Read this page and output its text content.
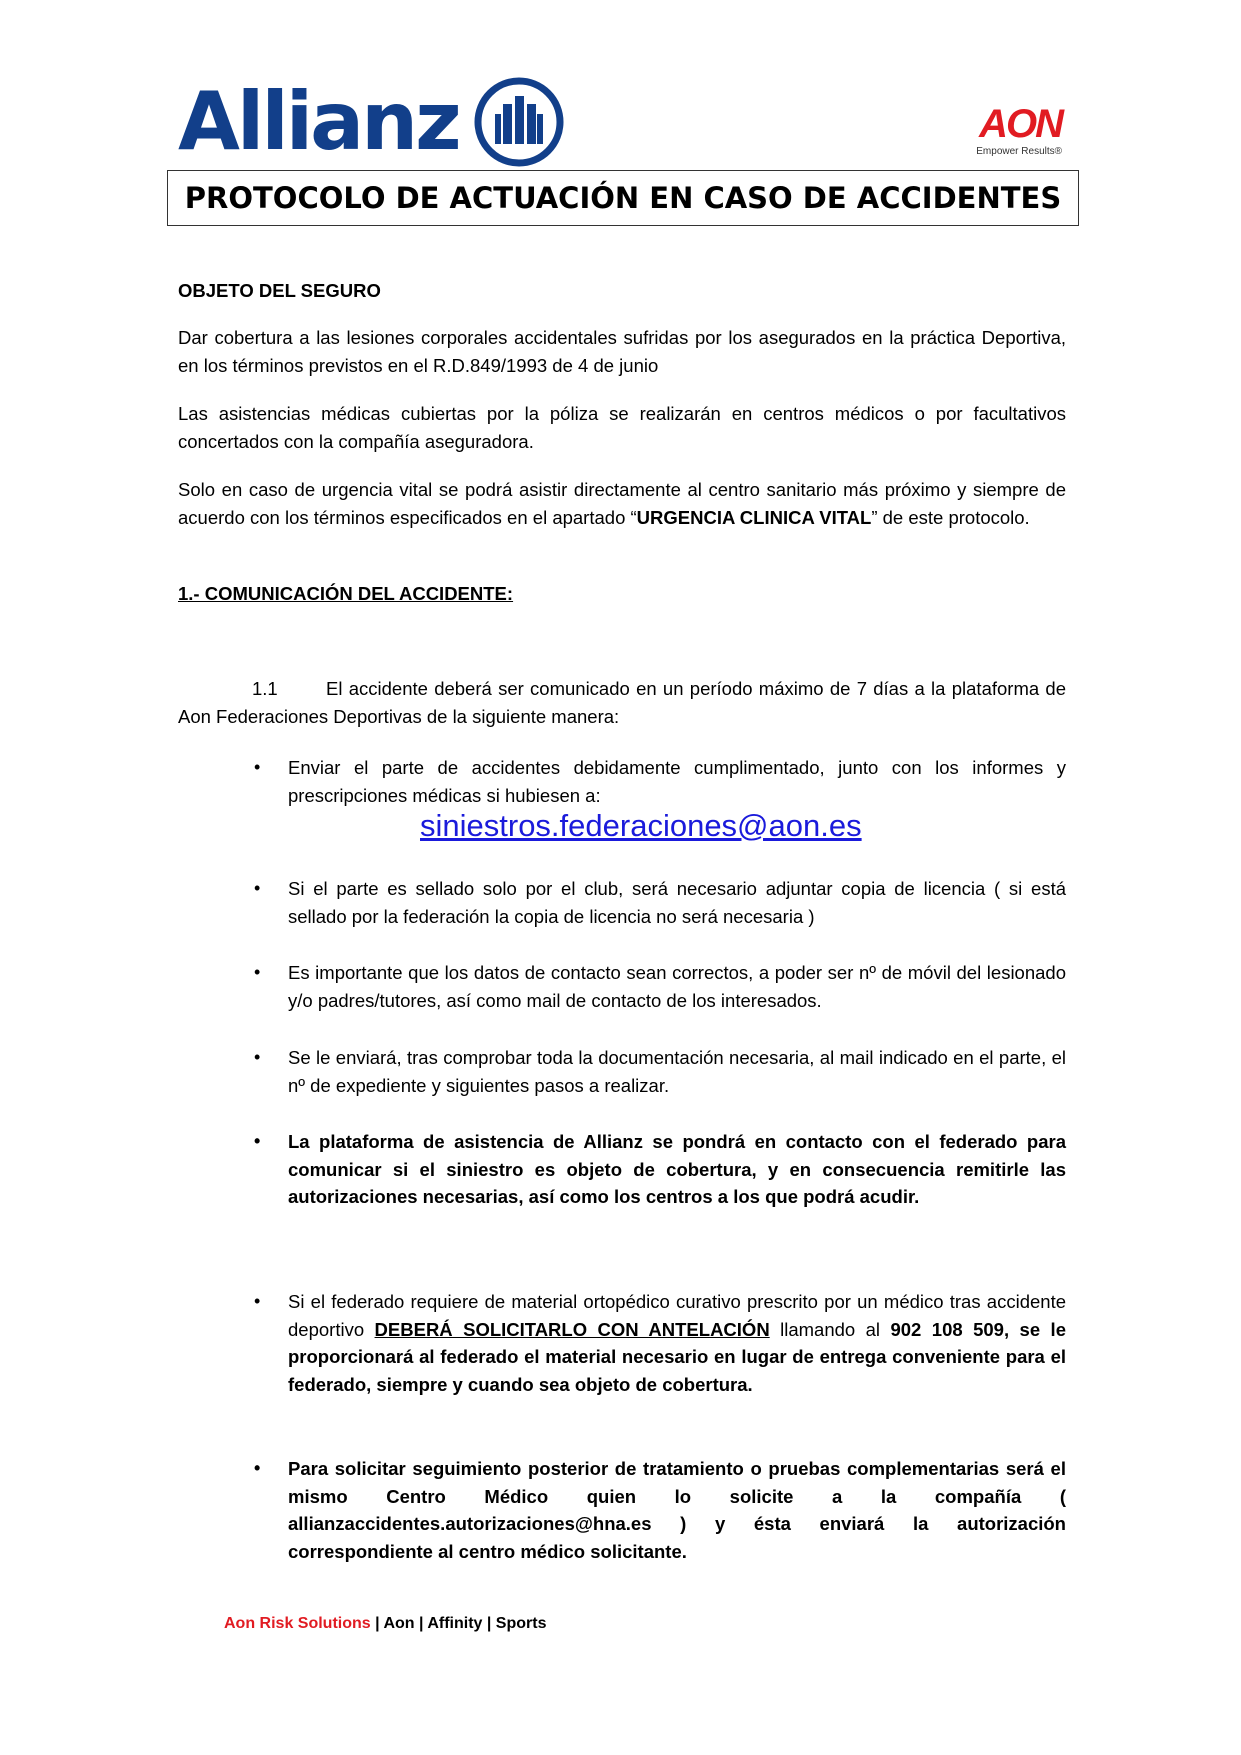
Allianz	AON
Empower Results®
PROTOCOLO DE ACTUACIÓN EN CASO DE ACCIDENTES

OBJETO DEL SEGURO

Dar cobertura a las lesiones corporales accidentales sufridas por los asegurados en la práctica Deportiva, en los términos previstos en el R.D.849/1993 de 4 de junio

Las asistencias médicas cubiertas por la póliza se realizarán en centros médicos o por facultativos concertados con la compañía aseguradora.

Solo en caso de urgencia vital se podrá asistir directamente al centro sanitario más próximo y siempre de acuerdo con los términos especificados en el apartado “URGENCIA CLINICA VITAL” de este protocolo.

1.- COMUNICACIÓN DEL ACCIDENTE:

1.1	El accidente deberá ser comunicado en un período máximo de 7 días a la plataforma de Aon Federaciones Deportivas de la siguiente manera:

• Enviar el parte de accidentes debidamente cumplimentado, junto con los informes y prescripciones médicas si hubiesen a:
siniestros.federaciones@aon.es
• Si el parte es sellado solo por el club, será necesario adjuntar copia de licencia ( si está sellado por la federación la copia de licencia no será necesaria )
• Es importante que los datos de contacto sean correctos, a poder ser nº de móvil del lesionado y/o padres/tutores, así como mail de contacto de los interesados.
• Se le enviará, tras comprobar toda la documentación necesaria, al mail indicado en el parte, el nº de expediente y siguientes pasos a realizar.
• La plataforma de asistencia de Allianz se pondrá en contacto con el federado para comunicar si el siniestro es objeto de cobertura, y en consecuencia remitirle las autorizaciones necesarias, así como los centros a los que podrá acudir.
• Si el federado requiere de material ortopédico curativo prescrito por un médico tras accidente deportivo DEBERÁ SOLICITARLO CON ANTELACIÓN llamando al 902 108 509, se le proporcionará al federado el material necesario en lugar de entrega conveniente para el federado, siempre y cuando sea objeto de cobertura.
• Para solicitar seguimiento posterior de tratamiento o pruebas complementarias será el mismo Centro Médico quien lo solicite a la compañía ( allianzaccidentes.autorizaciones@hna.es ) y ésta enviará la autorización correspondiente al centro médico solicitante.
Aon Risk Solutions | Aon | Affinity | Sports
